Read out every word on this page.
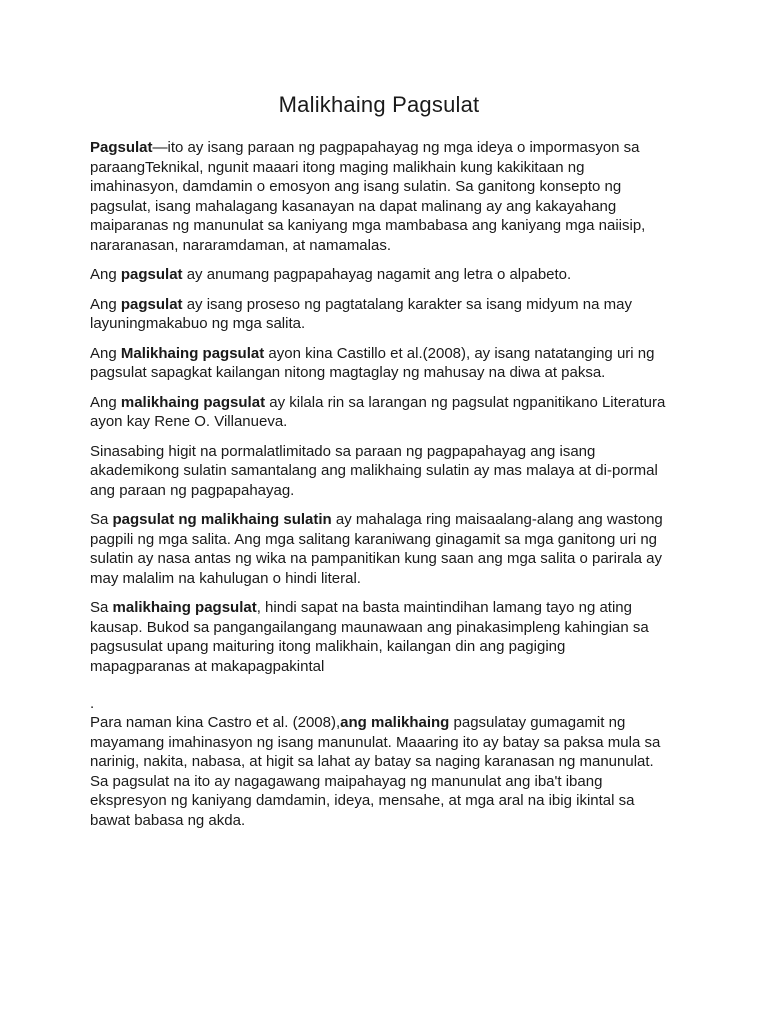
Malikhaing Pagsulat

Pagsulat—ito ay isang paraan ng pagpapahayag ng mga ideya o impormasyon sa paraangTeknikal, ngunit maaari itong maging malikhain kung kakikitaan ng imahinasyon, damdamin o emosyon ang isang sulatin. Sa ganitong konsepto ng pagsulat, isang mahalagang kasanayan na dapat malinang ay ang kakayahang maiparanas ng manunulat sa kaniyang mga mambabasa ang kaniyang mga naiisip, nararanasan, nararamdaman, at namamalas.

Ang pagsulat ay anumang pagpapahayag nagamit ang letra o alpabeto.

Ang pagsulat ay isang proseso ng pagtatalang karakter sa isang midyum na may layuningmakabuo ng mga salita.

Ang Malikhaing pagsulat ayon kina Castillo et al.(2008), ay isang natatanging uri ng pagsulat sapagkat kailangan nitong magtaglay ng mahusay na diwa at paksa.

Ang malikhaing pagsulat ay kilala rin sa larangan ng pagsulat ngpanitikano Literatura ayon kay Rene O. Villanueva.

Sinasabing higit na pormalatlimitado sa paraan ng pagpapahayag ang isang akademikong sulatin samantalang ang malikhaing sulatin ay mas malaya at di-pormal ang paraan ng pagpapahayag.

Sa pagsulat ng malikhaing sulatin ay mahalaga ring maisaalang-alang ang wastong pagpili ng mga salita. Ang mga salitang karaniwang ginagamit sa mga ganitong uri ng sulatin ay nasa antas ng wika na pampanitikan kung saan ang mga salita o parirala ay may malalim na kahulugan o hindi literal.

Sa malikhaing pagsulat, hindi sapat na basta maintindihan lamang tayo ng ating kausap. Bukod sa pangangailangang maunawaan ang pinakasimpleng kahingian sa pagsusulat upang maituring itong malikhain, kailangan din ang pagiging mapagparanas at makapagpakintal

.

Para naman kina Castro et al. (2008),ang malikhaing pagsulatay gumagamit ng mayamang imahinasyon ng isang manunulat. Maaaring ito ay batay sa paksa mula sa narinig, nakita, nabasa, at higit sa lahat ay batay sa naging karanasan ng manunulat. Sa pagsulat na ito ay nagagawang maipahayag ng manunulat ang iba't ibang ekspresyon ng kaniyang damdamin, ideya, mensahe, at mga aral na ibig ikintal sa bawat babasa ng akda.
